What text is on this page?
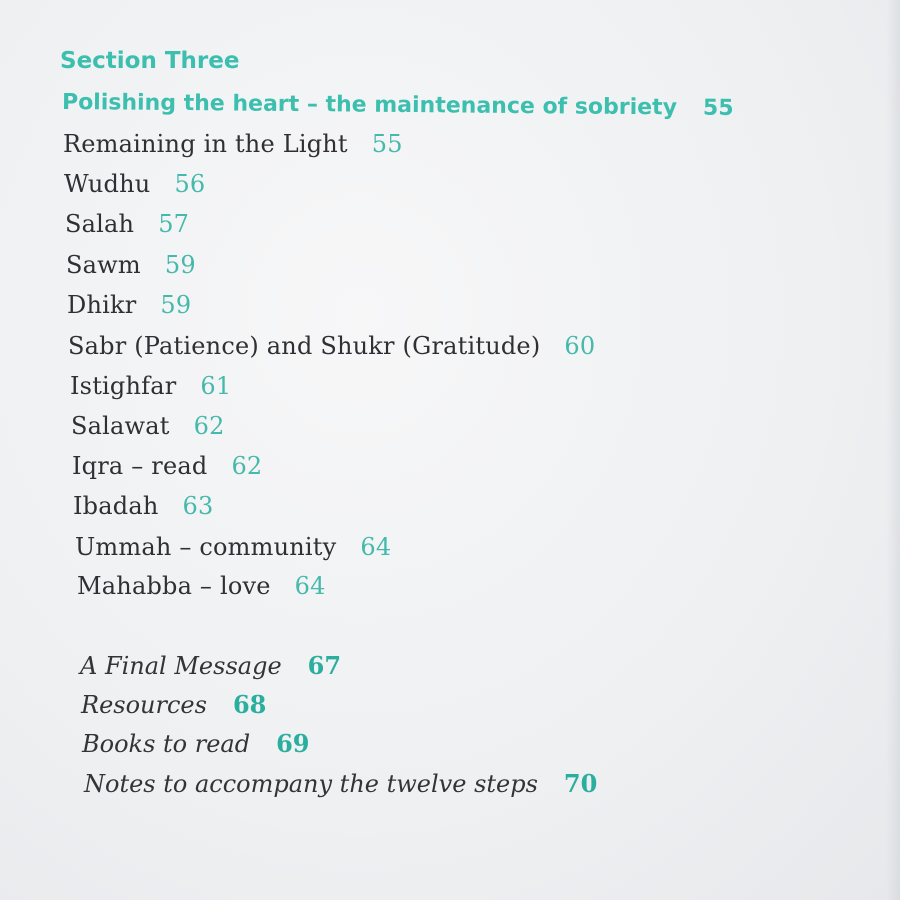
Section Three
Polishing the heart – the maintenance of sobriety 55
Remaining in the Light 55
Wudhu 56
Salah 57
Sawm 59
Dhikr 59
Sabr (Patience) and Shukr (Gratitude) 60
Istighfar 61
Salawat 62
Iqra – read 62
Ibadah 63
Ummah – community 64
Mahabba – love 64
A Final Message 67
Resources 68
Books to read 69
Notes to accompany the twelve steps 70
